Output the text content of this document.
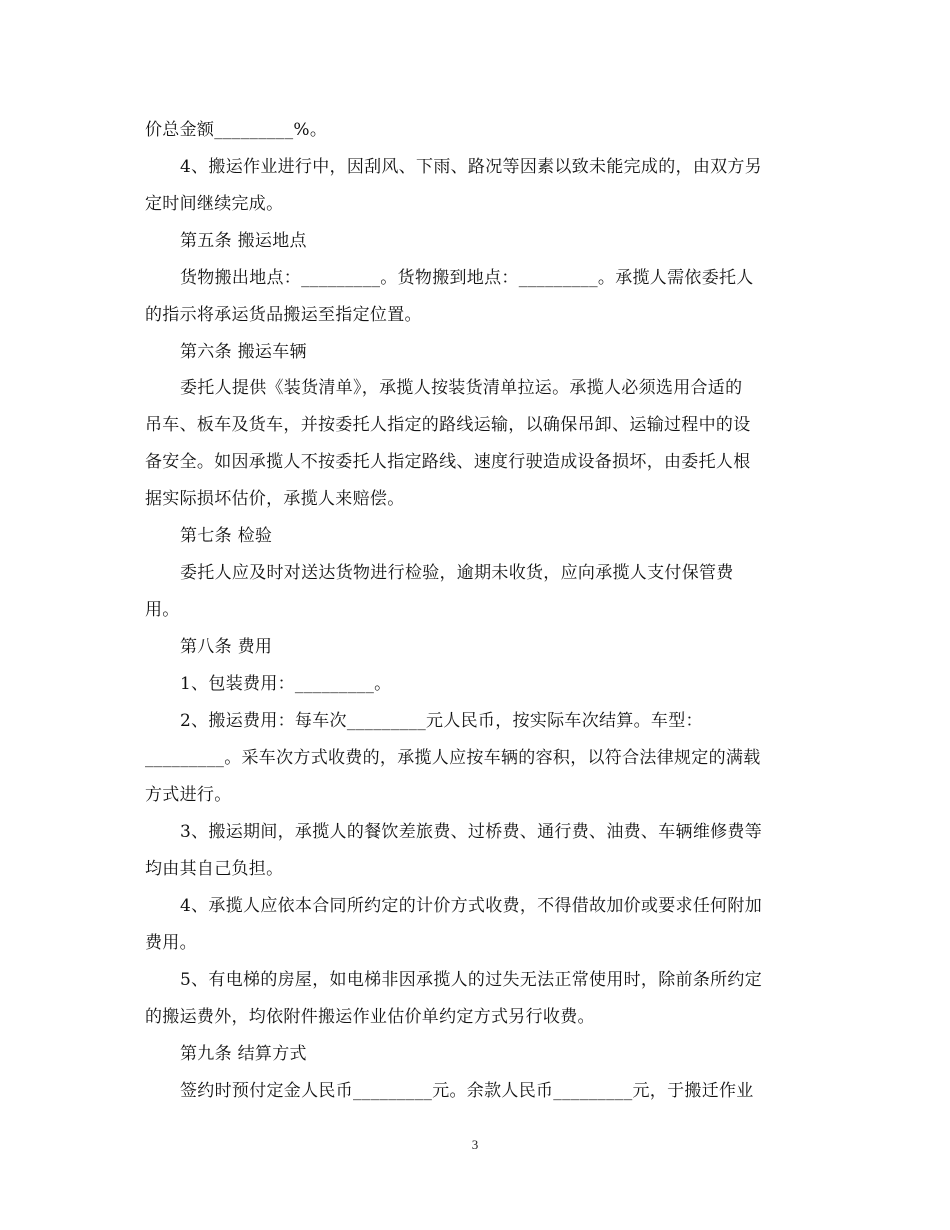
价总金额_________%。
4、搬运作业进行中，因刮风、下雨、路况等因素以致未能完成的，由双方另
定时间继续完成。
第五条 搬运地点
货物搬出地点：_________。货物搬到地点：_________。承揽人需依委托人
的指示将承运货品搬运至指定位置。
第六条 搬运车辆
委托人提供《装货清单》，承揽人按装货清单拉运。承揽人必须选用合适的
吊车、板车及货车，并按委托人指定的路线运输，以确保吊卸、运输过程中的设
备安全。如因承揽人不按委托人指定路线、速度行驶造成设备损坏，由委托人根
据实际损坏估价，承揽人来赔偿。
第七条 检验
委托人应及时对送达货物进行检验，逾期未收货，应向承揽人支付保管费
用。
第八条 费用
1、包装费用：_________。
2、搬运费用：每车次_________元人民币，按实际车次结算。车型：
_________。采车次方式收费的，承揽人应按车辆的容积，以符合法律规定的满载
方式进行。
3、搬运期间，承揽人的餐饮差旅费、过桥费、通行费、油费、车辆维修费等
均由其自己负担。
4、承揽人应依本合同所约定的计价方式收费，不得借故加价或要求任何附加
费用。
5、有电梯的房屋，如电梯非因承揽人的过失无法正常使用时，除前条所约定
的搬运费外，均依附件搬运作业估价单约定方式另行收费。
第九条 结算方式
签约时预付定金人民币_________元。余款人民币_________元，于搬迁作业
3
